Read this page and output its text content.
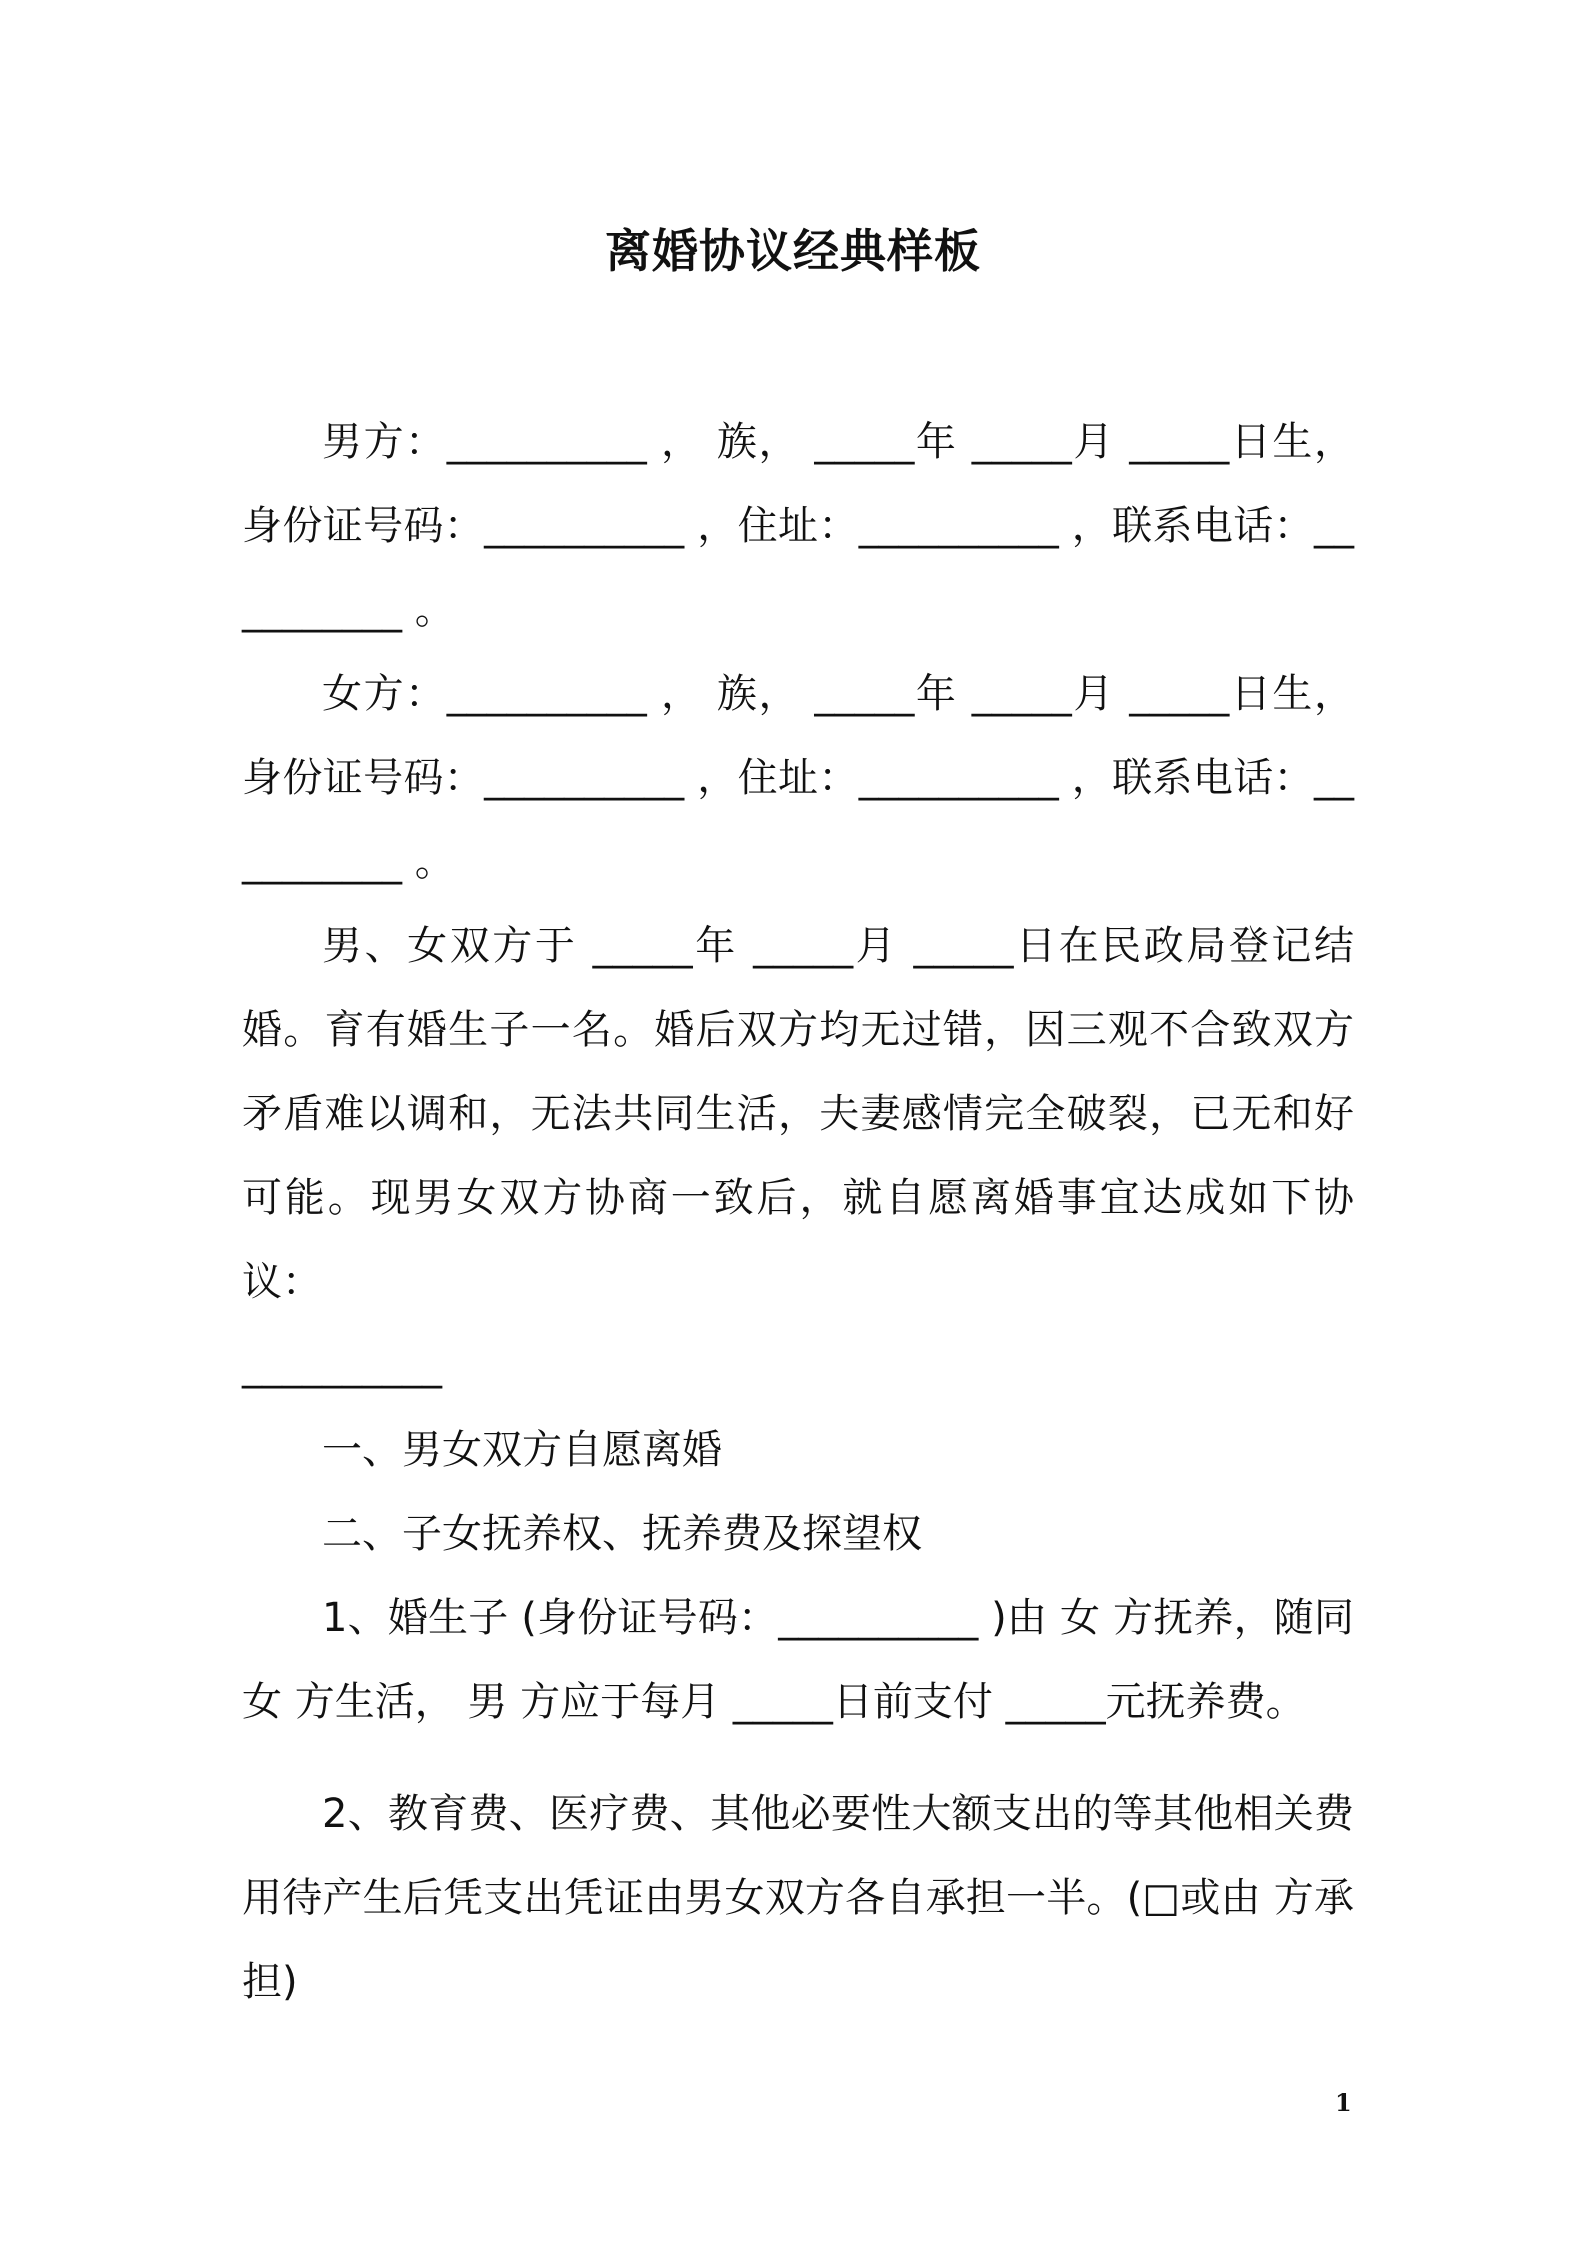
离婚协议经典样板

男方：__________ ， 族， _____年 _____月 _____日生，身份证号码：__________ ，住址：__________ ，联系电话：__________ 。

女方：__________ ， 族， _____年 _____月 _____日生，身份证号码：__________ ，住址：__________ ，联系电话：__________ 。

男、女双方于 _____年 _____月 _____日在民政局登记结婚。育有婚生子一名。婚后双方均无过错，因三观不合致双方矛盾难以调和，无法共同生活，夫妻感情完全破裂，已无和好可能。现男女双方协商一致后，就自愿离婚事宜达成如下协议：

__________

一、男女双方自愿离婚

二、子女抚养权、抚养费及探望权

1、婚生子 (身份证号码：__________ )由 女 方抚养，随同 女 方生活， 男 方应于每月 _____日前支付 _____元抚养费。

2、教育费、医疗费、其他必要性大额支出的等其他相关费用待产生后凭支出凭证由男女双方各自承担一半。(□或由 方承担)

1
